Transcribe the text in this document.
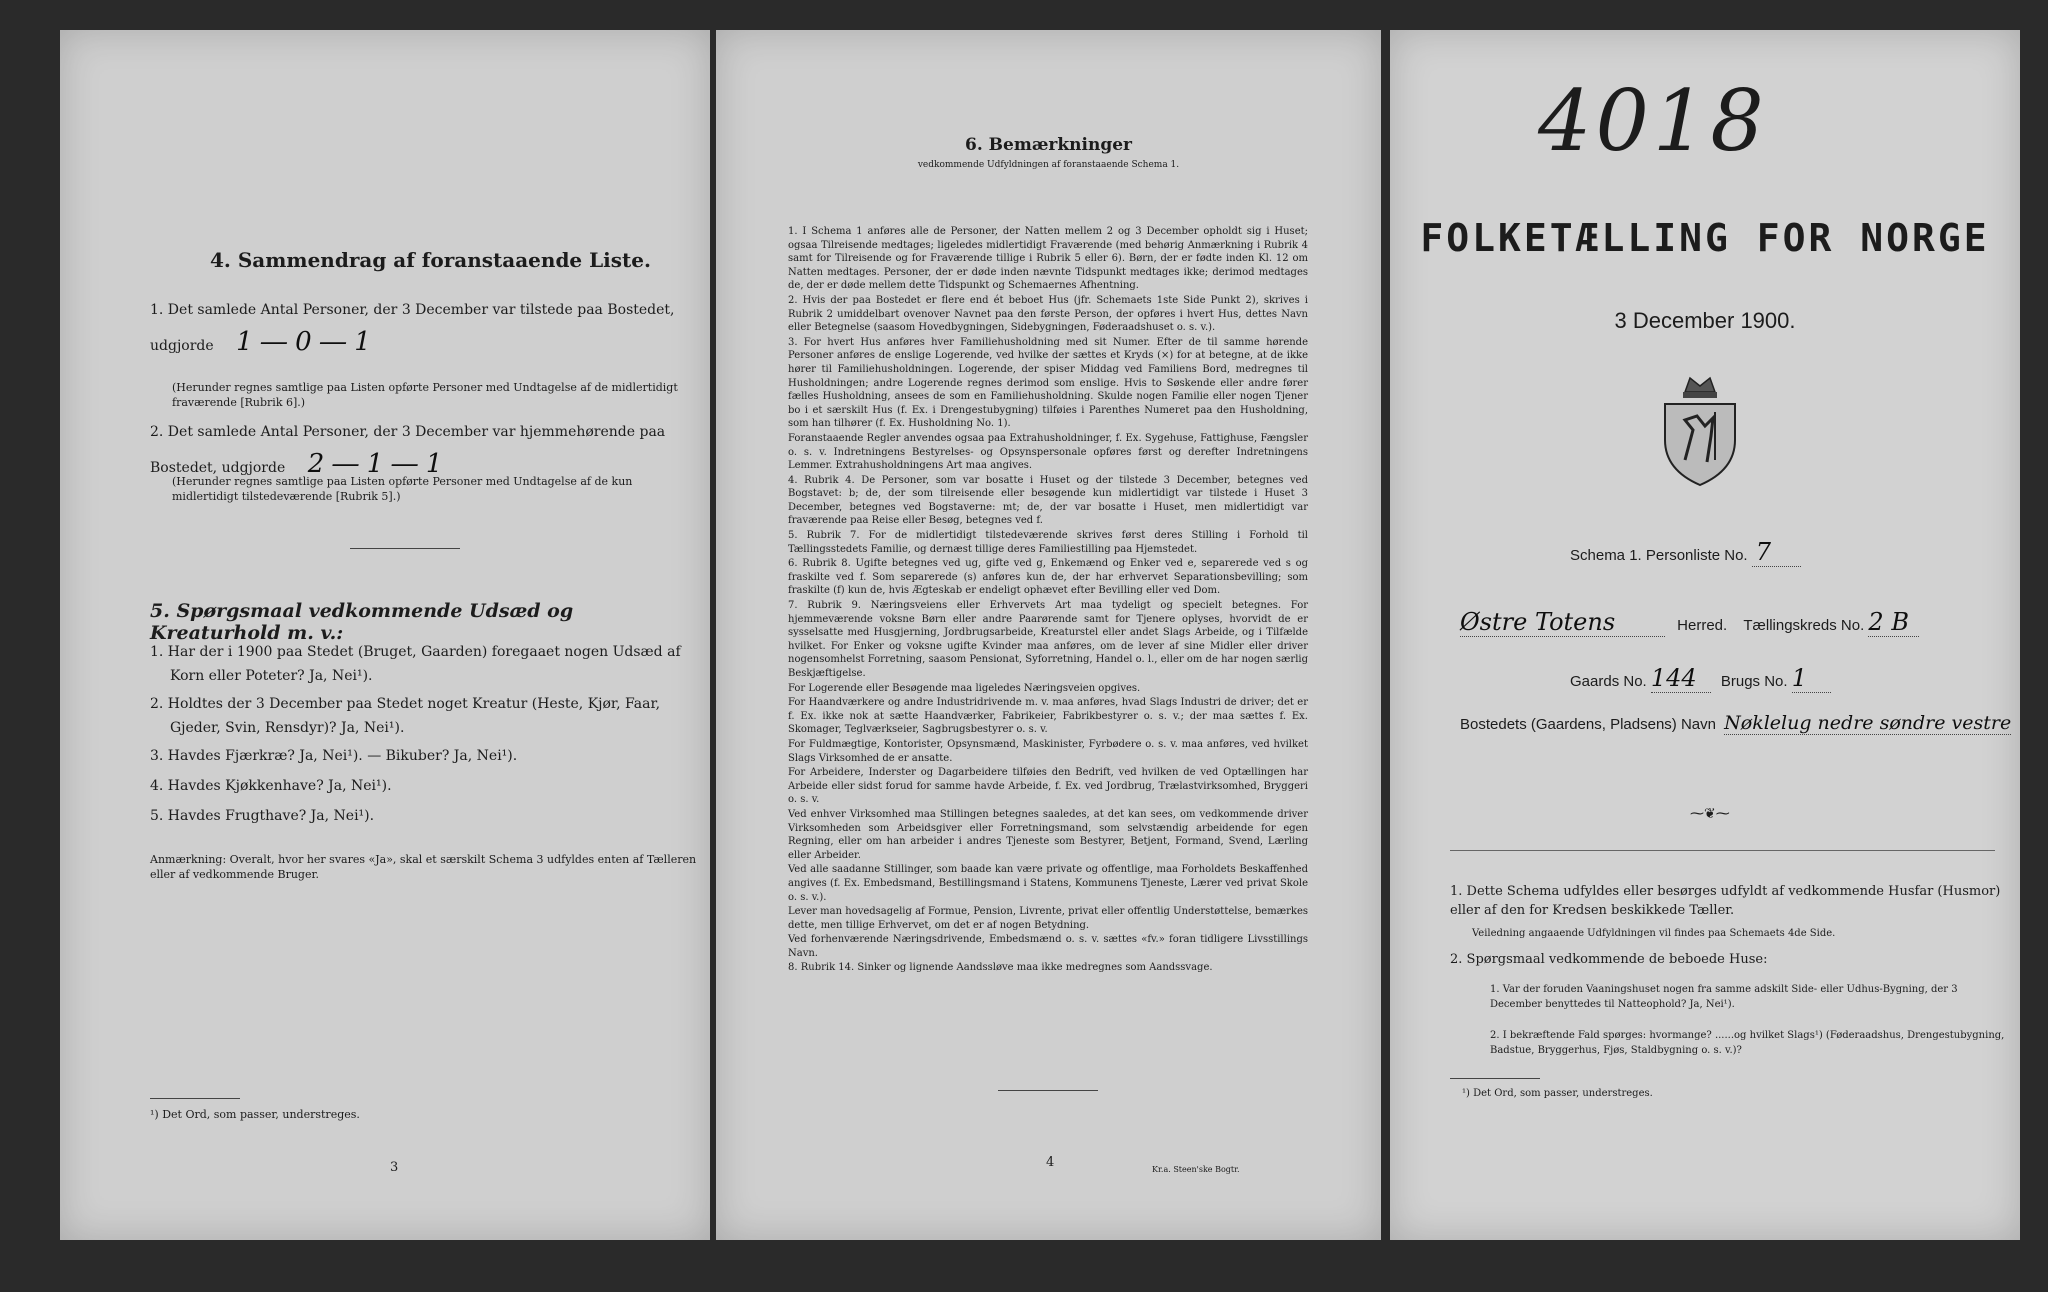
4. Sammendrag af foranstaaende Liste.
1. Det samlede Antal Personer, der 3 December var tilstede paa Bostedet,
udgjorde 1 ― 0 ― 1
(Herunder regnes samtlige paa Listen opførte Personer med Undtagelse af de midlertidigt fraværende [Rubrik 6].)
2. Det samlede Antal Personer, der 3 December var hjemmehørende paa
Bostedet, udgjorde 2 ― 1 ― 1
(Herunder regnes samtlige paa Listen opførte Personer med Undtagelse af de kun midlertidigt tilstedeværende [Rubrik 5].)
5. Spørgsmaal vedkommende Udsæd og Kreaturhold m. v.:
1. Har der i 1900 paa Stedet (Bruget, Gaarden) foregaaet nogen Udsæd af
Korn eller Poteter? Ja, Nei¹).
2. Holdtes der 3 December paa Stedet noget Kreatur (Heste, Kjør, Faar,
Gjeder, Svin, Rensdyr)? Ja, Nei¹).
3. Havdes Fjærkræ? Ja, Nei¹). — Bikuber? Ja, Nei¹).
4. Havdes Kjøkkenhave? Ja, Nei¹).
5. Havdes Frugthave? Ja, Nei¹).
Anmærkning: Overalt, hvor her svares «Ja», skal et særskilt Schema 3 udfyldes enten af Tælleren eller af vedkommende Bruger.
¹) Det Ord, som passer, understreges.
3
6. Bemærkninger
vedkommende Udfyldningen af foranstaaende Schema 1.

1. I Schema 1 anføres alle de Personer, der Natten mellem 2 og 3 December opholdt sig i Huset; ogsaa Tilreisende medtages; ligeledes midlertidigt Fraværende (med behørig Anmærkning i Rubrik 4 samt for Tilreisende og for Fraværende tillige i Rubrik 5 eller 6). Børn, der er fødte inden Kl. 12 om Natten medtages. Personer, der er døde inden nævnte Tidspunkt medtages ikke; derimod medtages de, der er døde mellem dette Tidspunkt og Schemaernes Afhentning.

2. Hvis der paa Bostedet er flere end ét beboet Hus (jfr. Schemaets 1ste Side Punkt 2), skrives i Rubrik 2 umiddelbart ovenover Navnet paa den første Person, der opføres i hvert Hus, dettes Navn eller Betegnelse (saasom Hovedbygningen, Sidebygningen, Føderaadshuset o. s. v.).

3. For hvert Hus anføres hver Familiehusholdning med sit Numer. Efter de til samme hørende Personer anføres de enslige Logerende, ved hvilke der sættes et Kryds (×) for at betegne, at de ikke hører til Familiehusholdningen. Logerende, der spiser Middag ved Familiens Bord, medregnes til Husholdningen; andre Logerende regnes derimod som enslige. Hvis to Søskende eller andre fører fælles Husholdning, ansees de som en Familiehusholdning. Skulde nogen Familie eller nogen Tjener bo i et særskilt Hus (f. Ex. i Drengestubygning) tilføies i Parenthes Numeret paa den Husholdning, som han tilhører (f. Ex. Husholdning No. 1).

Foranstaaende Regler anvendes ogsaa paa Extrahusholdninger, f. Ex. Sygehuse, Fattighuse, Fængsler o. s. v. Indretningens Bestyrelses- og Opsynspersonale opføres først og derefter Indretningens Lemmer. Extrahusholdningens Art maa angives.

4. Rubrik 4. De Personer, som var bosatte i Huset og der tilstede 3 December, betegnes ved Bogstavet: b; de, der som tilreisende eller besøgende kun midlertidigt var tilstede i Huset 3 December, betegnes ved Bogstaverne: mt; de, der var bosatte i Huset, men midlertidigt var fraværende paa Reise eller Besøg, betegnes ved f.

5. Rubrik 7. For de midlertidigt tilstedeværende skrives først deres Stilling i Forhold til Tællingsstedets Familie, og dernæst tillige deres Familiestilling paa Hjemstedet.

6. Rubrik 8. Ugifte betegnes ved ug, gifte ved g, Enkemænd og Enker ved e, separerede ved s og fraskilte ved f. Som separerede (s) anføres kun de, der har erhvervet Separationsbevilling; som fraskilte (f) kun de, hvis Ægteskab er endeligt ophævet efter Bevilling eller ved Dom.

7. Rubrik 9. Næringsveiens eller Erhvervets Art maa tydeligt og specielt betegnes. For hjemmeværende voksne Børn eller andre Paarørende samt for Tjenere oplyses, hvorvidt de er sysselsatte med Husgjerning, Jordbrugsarbeide, Kreaturstel eller andet Slags Arbeide, og i Tilfælde hvilket. For Enker og voksne ugifte Kvinder maa anføres, om de lever af sine Midler eller driver nogensomhelst Forretning, saasom Pensionat, Syforretning, Handel o. l., eller om de har nogen særlig Beskjæftigelse.

For Logerende eller Besøgende maa ligeledes Næringsveien opgives.

For Haandværkere og andre Industridrivende m. v. maa anføres, hvad Slags Industri de driver; det er f. Ex. ikke nok at sætte Haandværker, Fabrikeier, Fabrikbestyrer o. s. v.; der maa sættes f. Ex. Skomager, Teglværkseier, Sagbrugsbestyrer o. s. v.

For Fuldmægtige, Kontorister, Opsynsmænd, Maskinister, Fyrbødere o. s. v. maa anføres, ved hvilket Slags Virksomhed de er ansatte.

For Arbeidere, Inderster og Dagarbeidere tilføies den Bedrift, ved hvilken de ved Optællingen har Arbeide eller sidst forud for samme havde Arbeide, f. Ex. ved Jordbrug, Trælastvirksomhed, Bryggeri o. s. v.

Ved enhver Virksomhed maa Stillingen betegnes saaledes, at det kan sees, om vedkommende driver Virksomheden som Arbeidsgiver eller Forretningsmand, som selvstændig arbeidende for egen Regning, eller om han arbeider i andres Tjeneste som Bestyrer, Betjent, Formand, Svend, Lærling eller Arbeider.

Ved alle saadanne Stillinger, som baade kan være private og offentlige, maa Forholdets Beskaffenhed angives (f. Ex. Embedsmand, Bestillingsmand i Statens, Kommunens Tjeneste, Lærer ved privat Skole o. s. v.).

Lever man hovedsagelig af Formue, Pension, Livrente, privat eller offentlig Understøttelse, bemærkes dette, men tillige Erhvervet, om det er af nogen Betydning.

Ved forhenværende Næringsdrivende, Embedsmænd o. s. v. sættes «fv.» foran tidligere Livsstillings Navn.

8. Rubrik 14. Sinker og lignende Aandssløve maa ikke medregnes som Aandssvage.

4	Kr.a. Steen'ske Bogtr.
4018
FOLKETÆLLING FOR NORGE
3 December 1900.
Schema 1. Personliste No. 7
Østre Totens	Herred. Tællingskreds No. 2 B
Gaards No. 144 Brugs No. 1
Bostedets (Gaardens, Pladsens) Navn Nøklelug nedre søndre vestre
⁓❦⁓
1. Dette Schema udfyldes eller besørges udfyldt af vedkommende Husfar (Husmor) eller af den for Kredsen beskikkede Tæller.
Veiledning angaaende Udfyldningen vil findes paa Schemaets 4de Side.
2. Spørgsmaal vedkommende de beboede Huse:
1. Var der foruden Vaaningshuset nogen fra samme adskilt Side- eller Udhus-Bygning, der 3 December benyttedes til Natteophold? Ja, Nei¹).
2. I bekræftende Fald spørges: hvormange? ......og hvilket Slags¹) (Føderaadshus, Drengestubygning, Badstue, Bryggerhus, Fjøs, Staldbygning o. s. v.)?
¹) Det Ord, som passer, understreges.
